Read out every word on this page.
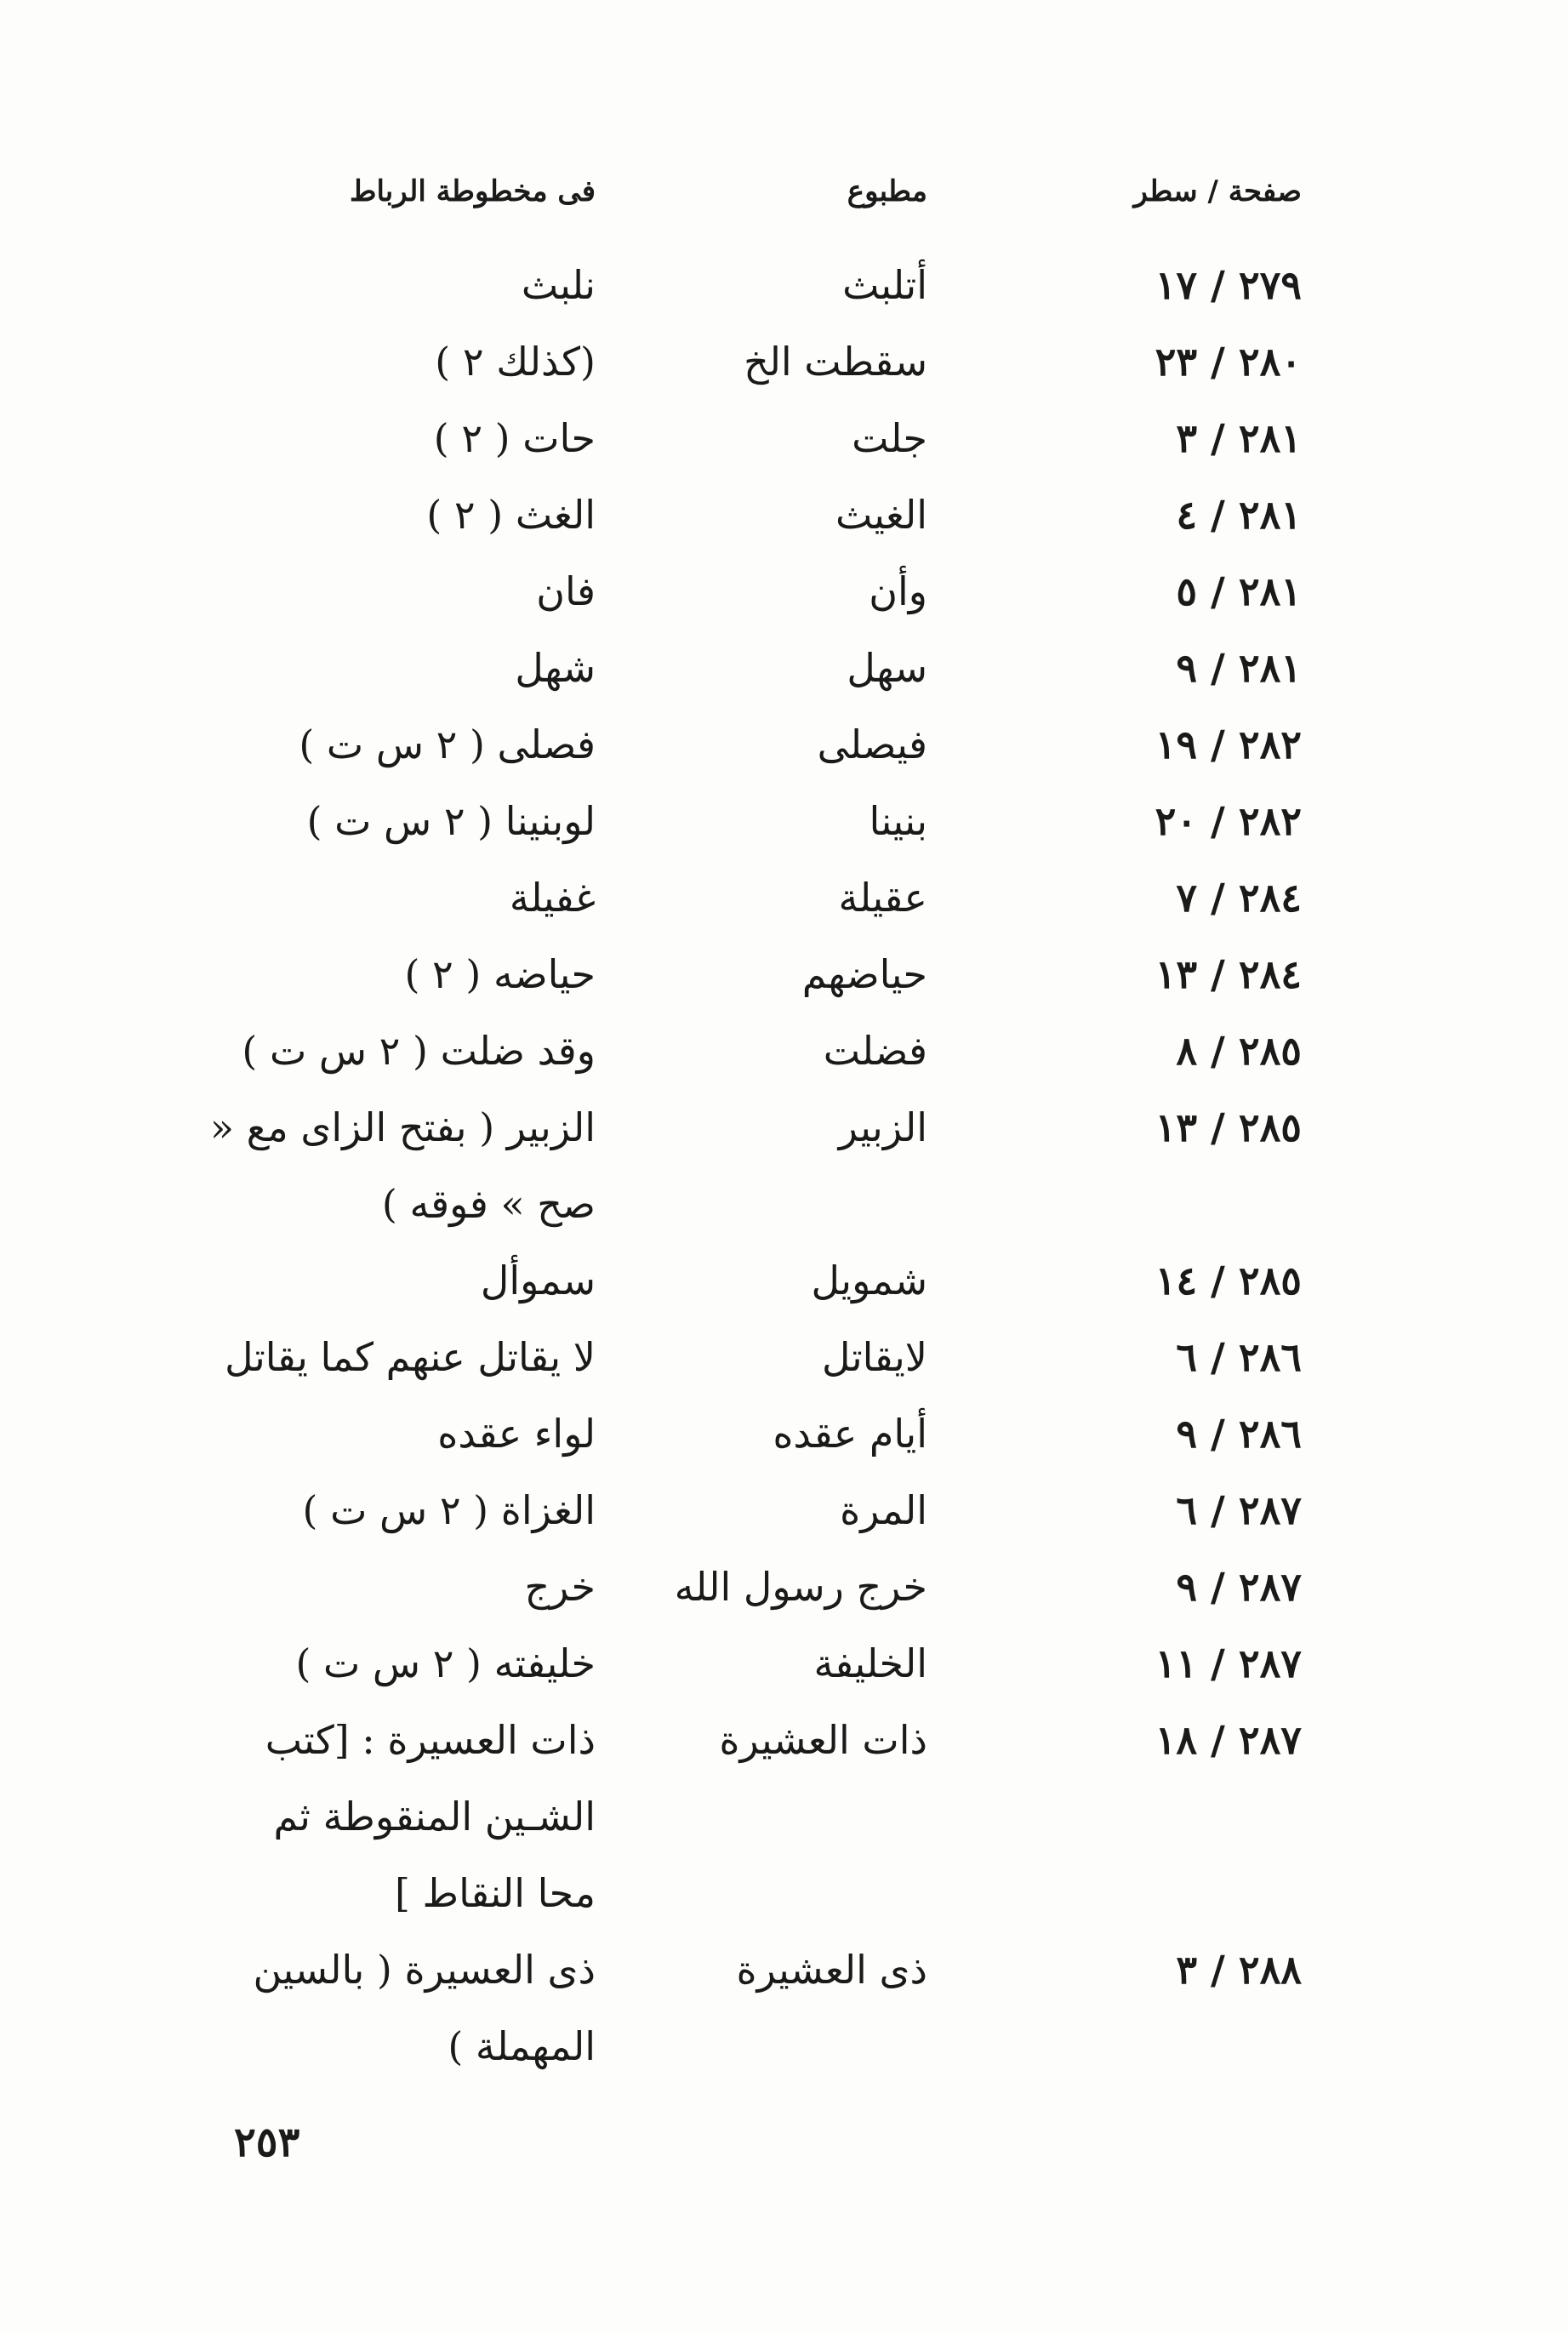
صفحة / سطر
مطبوع
فى مخطوطة الرباط
٢٧٩ / ١٧
أتلبث
نلبث
٢٨٠ / ٢٣
سقطت الخ
(كذلك ٢ )
٢٨١ / ٣
جلت
حات ( ٢ )
٢٨١ / ٤
الغيث
الغث ( ٢ )
٢٨١ / ٥
وأن
فان
٢٨١ / ٩
سهل
شهل
٢٨٢ / ١٩
فيصلى
فصلى ( ٢ س ت )
٢٨٢ / ٢٠
بنينا
لوبنينا ( ٢ س ت )
٢٨٤ / ٧
عقيلة
غفيلة
٢٨٤ / ١٣
حياضهم
حياضه ( ٢ )
٢٨٥ / ٨
فضلت
وقد ضلت ( ٢ س ت )
٢٨٥ / ١٣
الزبير
الزبير ( بفتح الزاى مع « صح » فوقه )
٢٨٥ / ١٤
شمويل
سموأل
٢٨٦ / ٦
لايقاتل
لا يقاتل عنهم كما يقاتل
٢٨٦ / ٩
أيام عقده
لواء عقده
٢٨٧ / ٦
المرة
الغزاة ( ٢ س ت )
٢٨٧ / ٩
خرج رسول الله
خرج
٢٨٧ / ١١
الخليفة
خليفته ( ٢ س ت )
٢٨٧ / ١٨
ذات العشيرة
ذات العسيرة : [كتب الشـين المنقوطة ثم محا النقاط ]
٢٨٨ / ٣
ذى العشيرة
ذى العسيرة ( بالسين المهملة )
٢٥٣
